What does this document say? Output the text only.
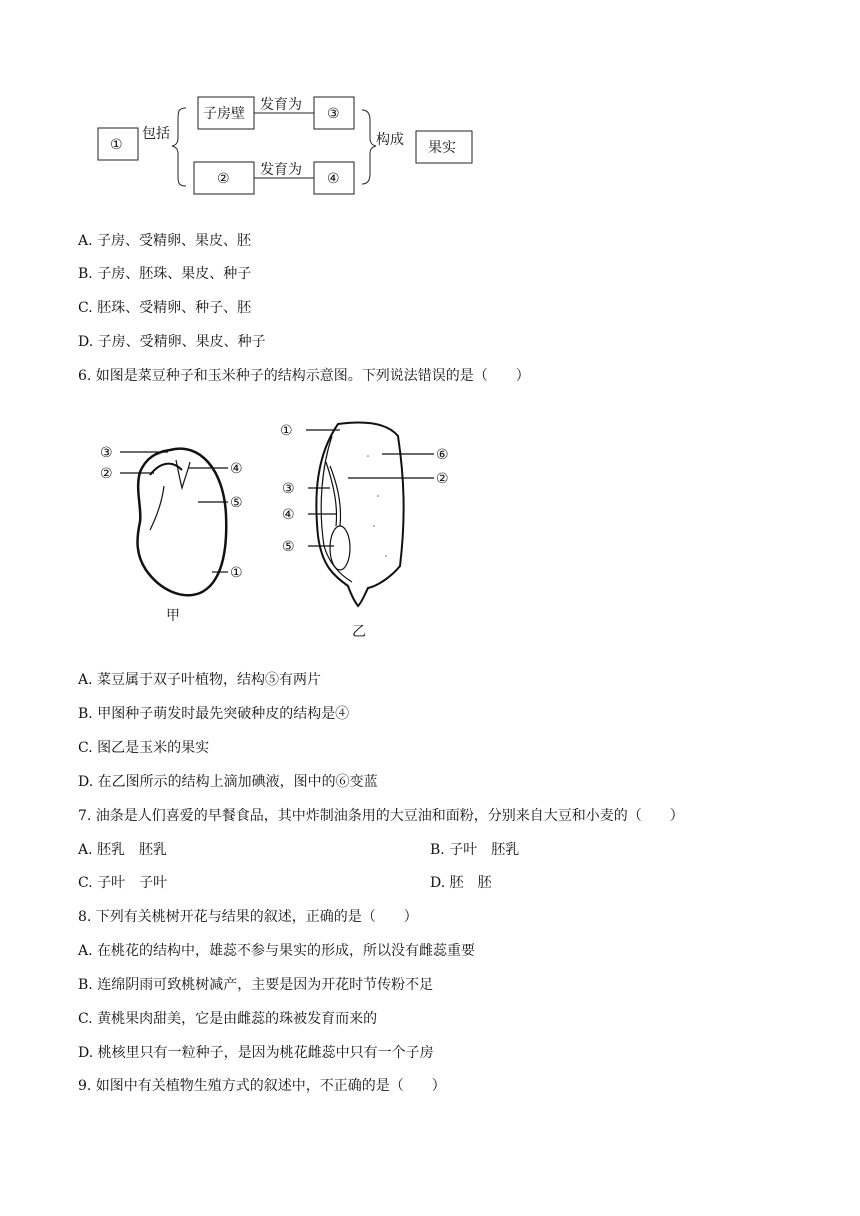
①
包括
子房壁
发育为
③
②
发育为
④
构成 果实
A. 子房、受精卵、果皮、胚
B. 子房、胚珠、果皮、种子
C. 胚珠、受精卵、种子、胚
D. 子房、受精卵、果皮、种子
6. 如图是菜豆种子和玉米种子的结构示意图。下列说法错误的是（　　）
③
②	④
⑤
①
甲
①
⑥
②
③
④
⑤
乙
A. 菜豆属于双子叶植物，结构⑤有两片
B. 甲图种子萌发时最先突破种皮的结构是④
C. 图乙是玉米的果实
D. 在乙图所示的结构上滴加碘液，图中的⑥变蓝
7. 油条是人们喜爱的早餐食品，其中炸制油条用的大豆油和面粉，分别来自大豆和小麦的（　　）
A. 胚乳　胚乳	B. 子叶　胚乳
C. 子叶　子叶	D. 胚　胚
8. 下列有关桃树开花与结果的叙述，正确的是（　　）
A. 在桃花的结构中，雄蕊不参与果实的形成，所以没有雌蕊重要
B. 连绵阴雨可致桃树减产，主要是因为开花时节传粉不足
C. 黄桃果肉甜美，它是由雌蕊的珠被发育而来的
D. 桃核里只有一粒种子，是因为桃花雌蕊中只有一个子房
9. 如图中有关植物生殖方式的叙述中，不正确的是（　　）
